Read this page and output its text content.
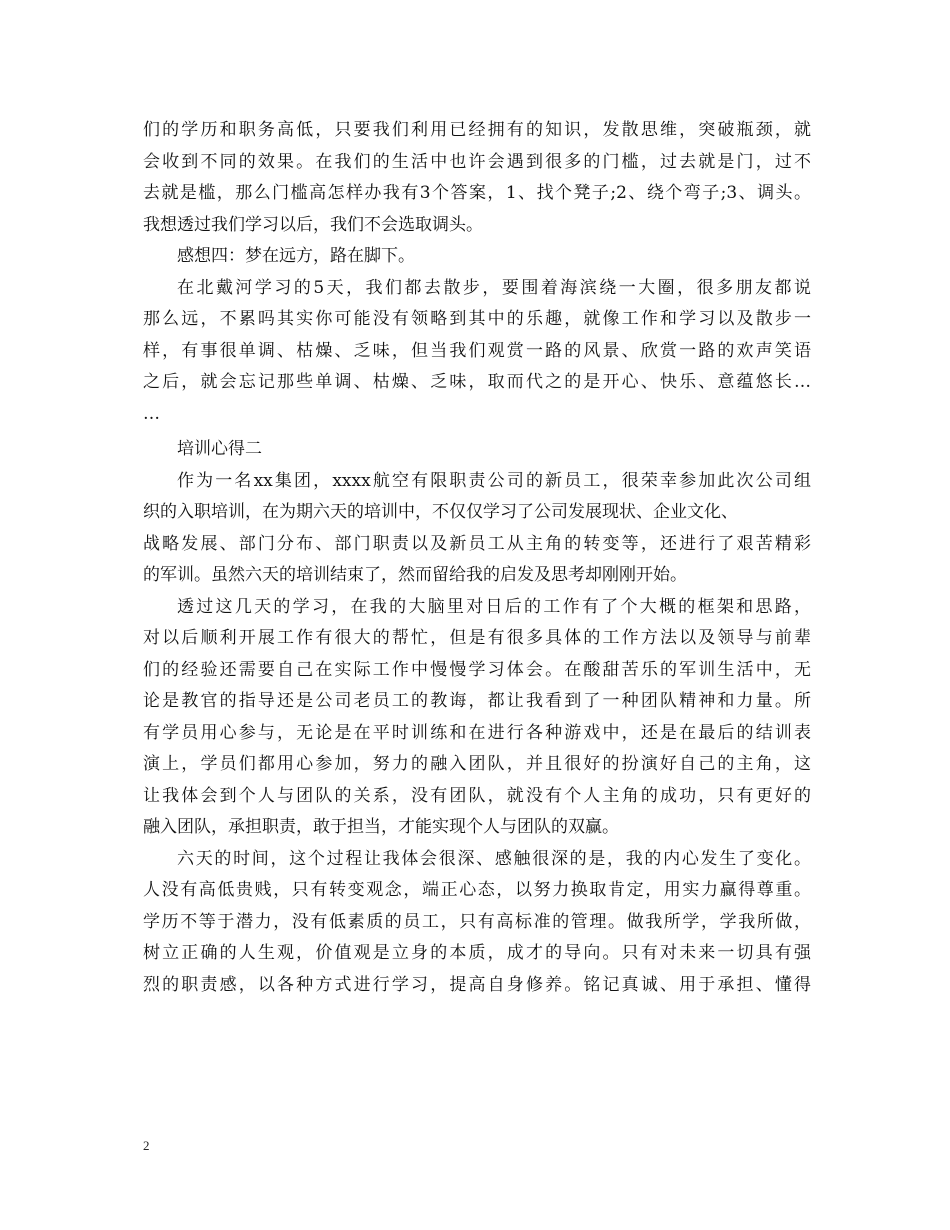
们的学历和职务高低，只要我们利用已经拥有的知识，发散思维，突破瓶颈，就
会收到不同的效果。在我们的生活中也许会遇到很多的门槛，过去就是门，过不
去就是槛，那么门槛高怎样办我有3个答案，1、找个凳子;2、绕个弯子;3、调头。
我想透过我们学习以后，我们不会选取调头。
感想四：梦在远方，路在脚下。
在北戴河学习的5天，我们都去散步，要围着海滨绕一大圈，很多朋友都说
那么远，不累吗其实你可能没有领略到其中的乐趣，就像工作和学习以及散步一
样，有事很单调、枯燥、乏味，但当我们观赏一路的风景、欣赏一路的欢声笑语
之后，就会忘记那些单调、枯燥、乏味，取而代之的是开心、快乐、意蕴悠长…
…
培训心得二
作为一名xx集团，xxxx航空有限职责公司的新员工，很荣幸参加此次公司组
织的入职培训，在为期六天的培训中，不仅仅学习了公司发展现状、企业文化、
战略发展、部门分布、部门职责以及新员工从主角的转变等，还进行了艰苦精彩
的军训。虽然六天的培训结束了，然而留给我的启发及思考却刚刚开始。
透过这几天的学习，在我的大脑里对日后的工作有了个大概的框架和思路，
对以后顺利开展工作有很大的帮忙，但是有很多具体的工作方法以及领导与前辈
们的经验还需要自己在实际工作中慢慢学习体会。在酸甜苦乐的军训生活中，无
论是教官的指导还是公司老员工的教诲，都让我看到了一种团队精神和力量。所
有学员用心参与，无论是在平时训练和在进行各种游戏中，还是在最后的结训表
演上，学员们都用心参加，努力的融入团队，并且很好的扮演好自己的主角，这
让我体会到个人与团队的关系，没有团队，就没有个人主角的成功，只有更好的
融入团队，承担职责，敢于担当，才能实现个人与团队的双赢。
六天的时间，这个过程让我体会很深、感触很深的是，我的内心发生了变化。
人没有高低贵贱，只有转变观念，端正心态，以努力换取肯定，用实力赢得尊重。
学历不等于潜力，没有低素质的员工，只有高标准的管理。做我所学，学我所做，
树立正确的人生观，价值观是立身的本质，成才的导向。只有对未来一切具有强
烈的职责感，以各种方式进行学习，提高自身修养。铭记真诚、用于承担、懂得
2
